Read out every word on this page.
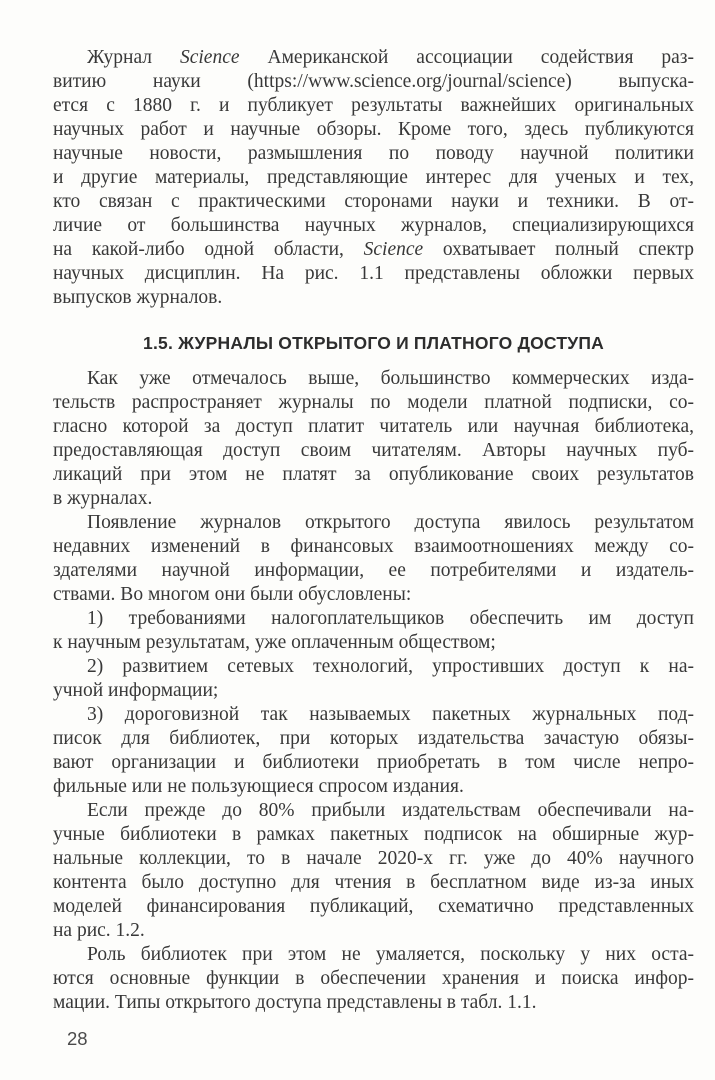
Журнал Science Американской ассоциации содействия раз-
витию науки (https://www.science.org/journal/science) выпуска-
ется с 1880 г. и публикует результаты важнейших оригинальных
научных работ и научные обзоры. Кроме того, здесь публикуются
научные новости, размышления по поводу научной политики
и другие материалы, представляющие интерес для ученых и тех,
кто связан с практическими сторонами науки и техники. В от-
личие от большинства научных журналов, специализирующихся
на какой-либо одной области, Science охватывает полный спектр
научных дисциплин. На рис. 1.1 представлены обложки первых
выпусков журналов.

1.5. ЖУРНАЛЫ ОТКРЫТОГО И ПЛАТНОГО ДОСТУПА

Как уже отмечалось выше, большинство коммерческих изда-
тельств распространяет журналы по модели платной подписки, со-
гласно которой за доступ платит читатель или научная библиотека,
предоставляющая доступ своим читателям. Авторы научных пуб-
ликаций при этом не платят за опубликование своих результатов
в журналах.

Появление журналов открытого доступа явилось результатом
недавних изменений в финансовых взаимоотношениях между со-
здателями научной информации, ее потребителями и издатель-
ствами. Во многом они были обусловлены:

1) требованиями налогоплательщиков обеспечить им доступ
к научным результатам, уже оплаченным обществом;

2) развитием сетевых технологий, упростивших доступ к на-
учной информации;

3) дороговизной так называемых пакетных журнальных под-
писок для библиотек, при которых издательства зачастую обязы-
вают организации и библиотеки приобретать в том числе непро-
фильные или не пользующиеся спросом издания.

Если прежде до 80% прибыли издательствам обеспечивали на-
учные библиотеки в рамках пакетных подписок на обширные жур-
нальные коллекции, то в начале 2020-х гг. уже до 40% научного
контента было доступно для чтения в бесплатном виде из-за иных
моделей финансирования публикаций, схематично представленных
на рис. 1.2.

Роль библиотек при этом не умаляется, поскольку у них оста-
ются основные функции в обеспечении хранения и поиска инфор-
мации. Типы открытого доступа представлены в табл. 1.1.

28
